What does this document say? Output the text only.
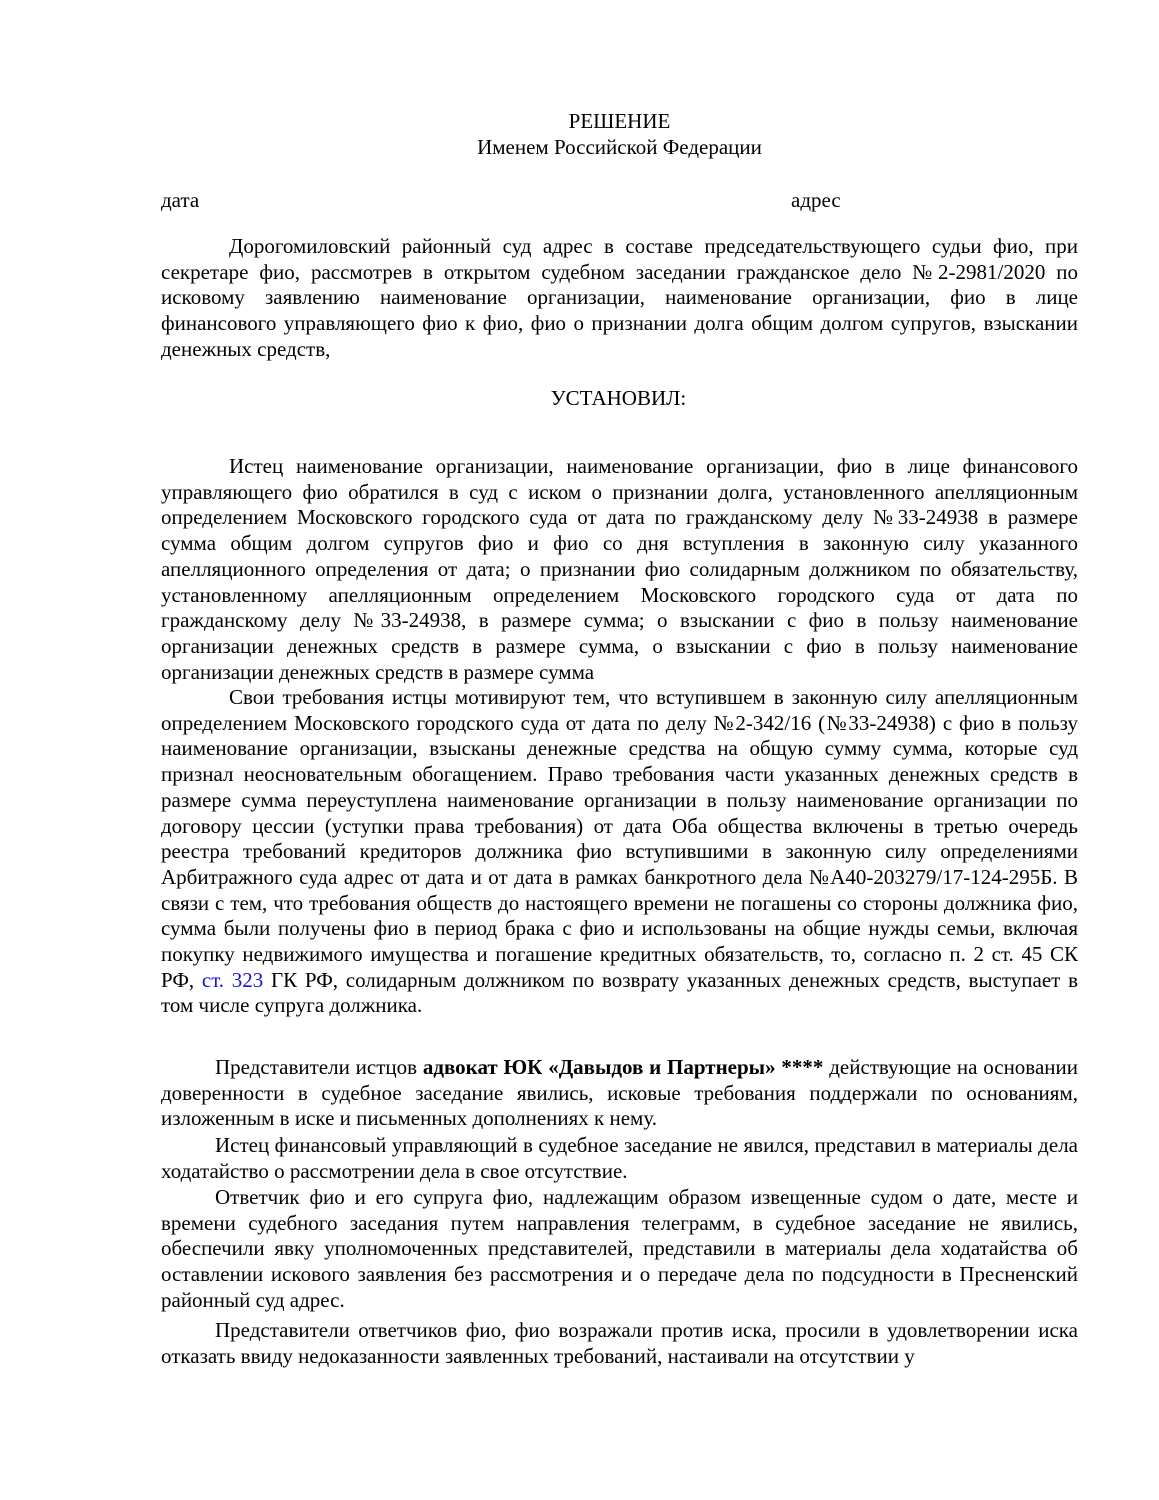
РЕШЕНИЕ

Именем Российской Федерации

дата	адрес

Дорогомиловский районный суд адрес в составе председательствующего судьи фио, при секретаре фио, рассмотрев в открытом судебном заседании гражданское дело №2-2981/2020 по исковому заявлению наименование организации, наименование организации, фио в лице финансового управляющего фио к фио, фио о признании долга общим долгом супругов, взыскании денежных средств,

УСТАНОВИЛ:

Истец наименование организации, наименование организации, фио в лице финансового управляющего фио обратился в суд с иском о признании долга, установленного апелляционным определением Московского городского суда от дата по гражданскому делу №33-24938 в размере сумма общим долгом супругов фио и фио со дня вступления в законную силу указанного апелляционного определения от дата; о признании фио солидарным должником по обязательству, установленному апелляционным определением Московского городского суда от дата по гражданскому делу №33-24938, в размере сумма; о взыскании с фио в пользу наименование организации денежных средств в размере сумма, о взыскании с фио в пользу наименование организации денежных средств в размере сумма

Свои требования истцы мотивируют тем, что вступившем в законную силу апелляционным определением Московского городского суда от дата по делу №2-342/16 (№33-24938) с фио в пользу наименование организации, взысканы денежные средства на общую сумму сумма, которые суд признал неосновательным обогащением. Право требования части указанных денежных средств в размере сумма переуступлена наименование организации в пользу наименование организации по договору цессии (уступки права требования) от дата Оба общества включены в третью очередь реестра требований кредиторов должника фио вступившими в законную силу определениями Арбитражного суда адрес от дата и от дата в рамках банкротного дела №А40-203279/17-124-295Б. В связи с тем, что требования обществ до настоящего времени не погашены со стороны должника фио, сумма были получены фио в период брака с фио и использованы на общие нужды семьи, включая покупку недвижимого имущества и погашение кредитных обязательств, то, согласно п. 2 ст. 45 СК РФ, ст. 323 ГК РФ, солидарным должником по возврату указанных денежных средств, выступает в том числе супруга должника.

Представители истцов адвокат ЮК «Давыдов и Партнеры» **** действующие на основании доверенности в судебное заседание явились, исковые требования поддержали по основаниям, изложенным в иске и письменных дополнениях к нему.

Истец финансовый управляющий в судебное заседание не явился, представил в материалы дела ходатайство о рассмотрении дела в свое отсутствие.

Ответчик фио и его супруга фио, надлежащим образом извещенные судом о дате, месте и времени судебного заседания путем направления телеграмм, в судебное заседание не явились, обеспечили явку уполномоченных представителей, представили в материалы дела ходатайства об оставлении искового заявления без рассмотрения и о передаче дела по подсудности в Пресненский районный суд адрес.

Представители ответчиков фио, фио возражали против иска, просили в удовлетворении иска отказать ввиду недоказанности заявленных требований, настаивали на отсутствии у
